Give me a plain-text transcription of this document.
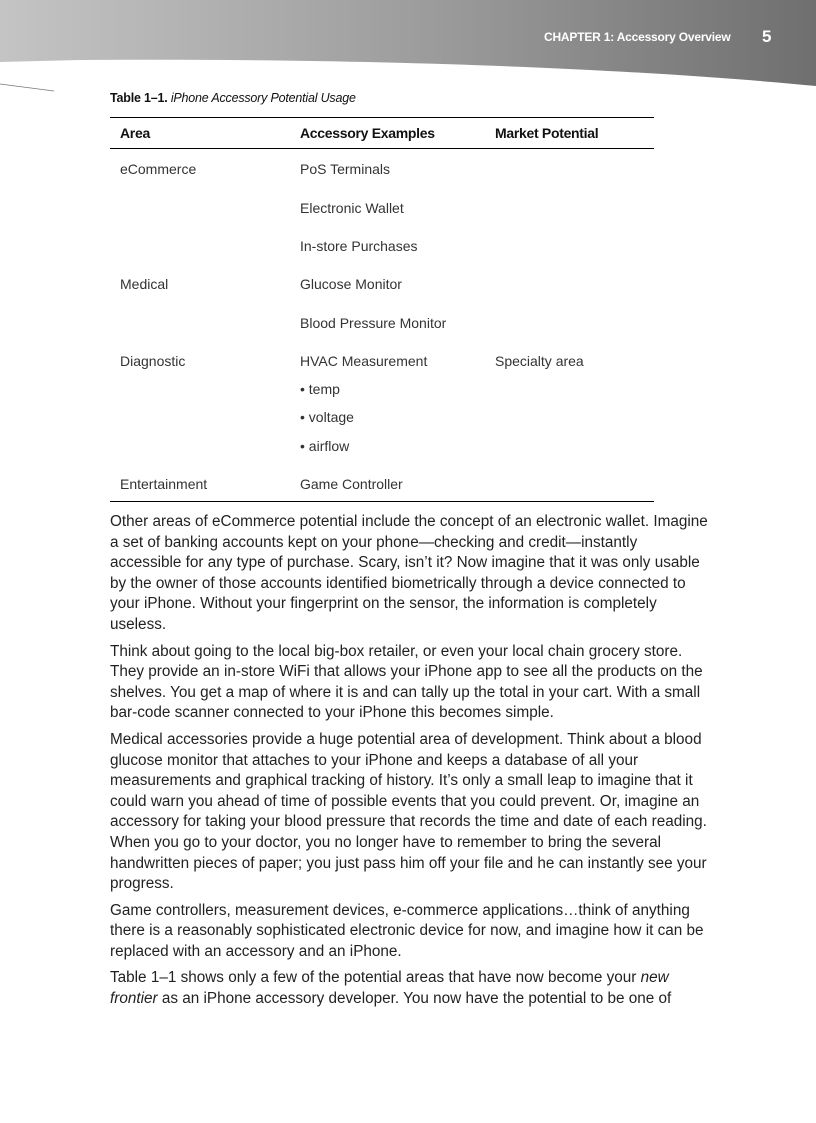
CHAPTER 1: Accessory Overview 5
Table 1–1. iPhone Accessory Potential Usage
Area	Accessory Examples	Market Potential
eCommerce	PoS Terminals
Electronic Wallet
In-store Purchases
Medical	Glucose Monitor
Blood Pressure Monitor
Diagnostic	HVAC Measurement	Specialty area
• temp
• voltage
• airflow
Entertainment	Game Controller

Other areas of eCommerce potential include the concept of an electronic wallet. Imagine a set of banking accounts kept on your phone—checking and credit—instantly accessible for any type of purchase. Scary, isn’t it? Now imagine that it was only usable by the owner of those accounts identified biometrically through a device connected to your iPhone. Without your fingerprint on the sensor, the information is completely useless.

Think about going to the local big-box retailer, or even your local chain grocery store. They provide an in-store WiFi that allows your iPhone app to see all the products on the shelves. You get a map of where it is and can tally up the total in your cart. With a small bar-code scanner connected to your iPhone this becomes simple.

Medical accessories provide a huge potential area of development. Think about a blood glucose monitor that attaches to your iPhone and keeps a database of all your measurements and graphical tracking of history. It’s only a small leap to imagine that it could warn you ahead of time of possible events that you could prevent. Or, imagine an accessory for taking your blood pressure that records the time and date of each reading. When you go to your doctor, you no longer have to remember to bring the several handwritten pieces of paper; you just pass him off your file and he can instantly see your progress.

Game controllers, measurement devices, e-commerce applications…think of anything there is a reasonably sophisticated electronic device for now, and imagine how it can be replaced with an accessory and an iPhone.

Table 1–1 shows only a few of the potential areas that have now become your new frontier as an iPhone accessory developer. You now have the potential to be one of
